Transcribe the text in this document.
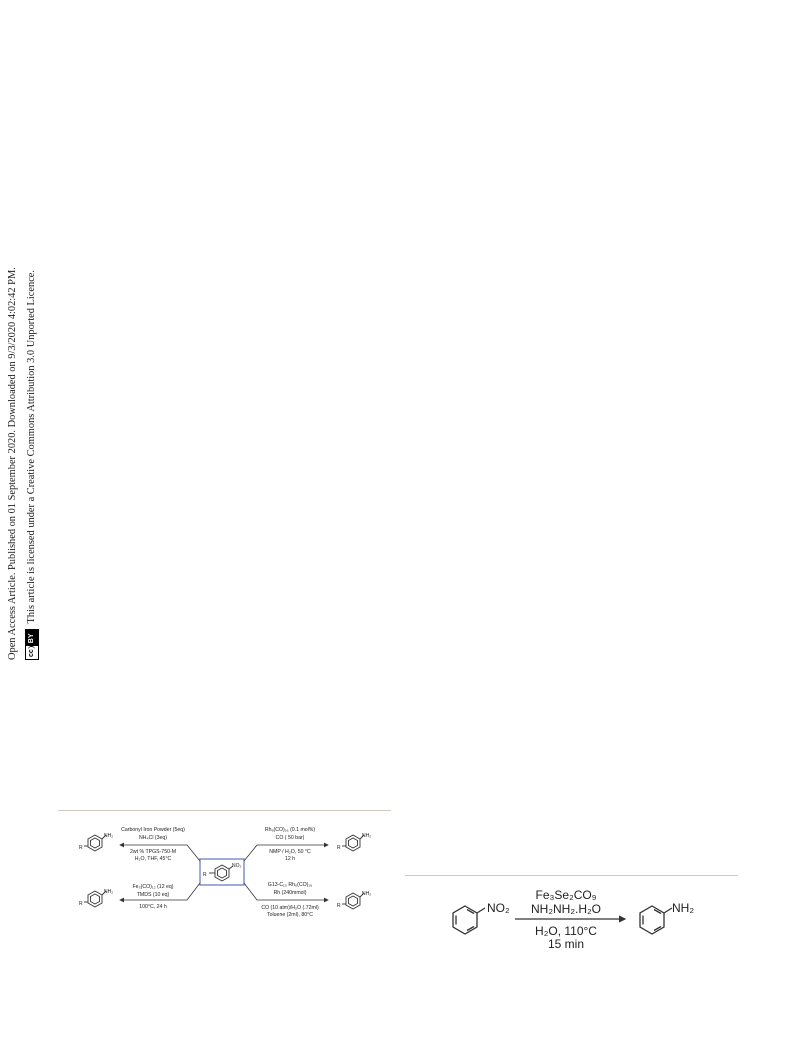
Open Access Article. Published on 01 September 2020. Downloaded on 9/3/2020 4:02:42 PM. cc
BY
This article is licensed under a Creative Commons Attribution 3.0 Unported Licence.
R
NO₂
R
NH₂
R
NH₂
R
NH₂
R
NH₂
Carbonyl Iron Powder (5eq)
NH₄Cl (3eq)
2wt % TPGS-750-M
H₂O, THF, 45°C
Rh₆(CO)₁₆ (0.1 mol%)
CO ( 50 bar)
NMP / H₂O, 50 °C
12 h
Fe₃(CO)₁₂ (12 eq)
TMDS (10 eq)
100°C, 24 h
G13-C₁₀ Rh₆(CO)₁₆
Rh (240mmol)
CO (10 atm)/H₂O (.72ml)
Toluene (2ml), 80°C	NO₂
Fe₃Se₂CO₉
NH₂NH₂.H₂O
H₂O, 110°C
15 min
NH₂
